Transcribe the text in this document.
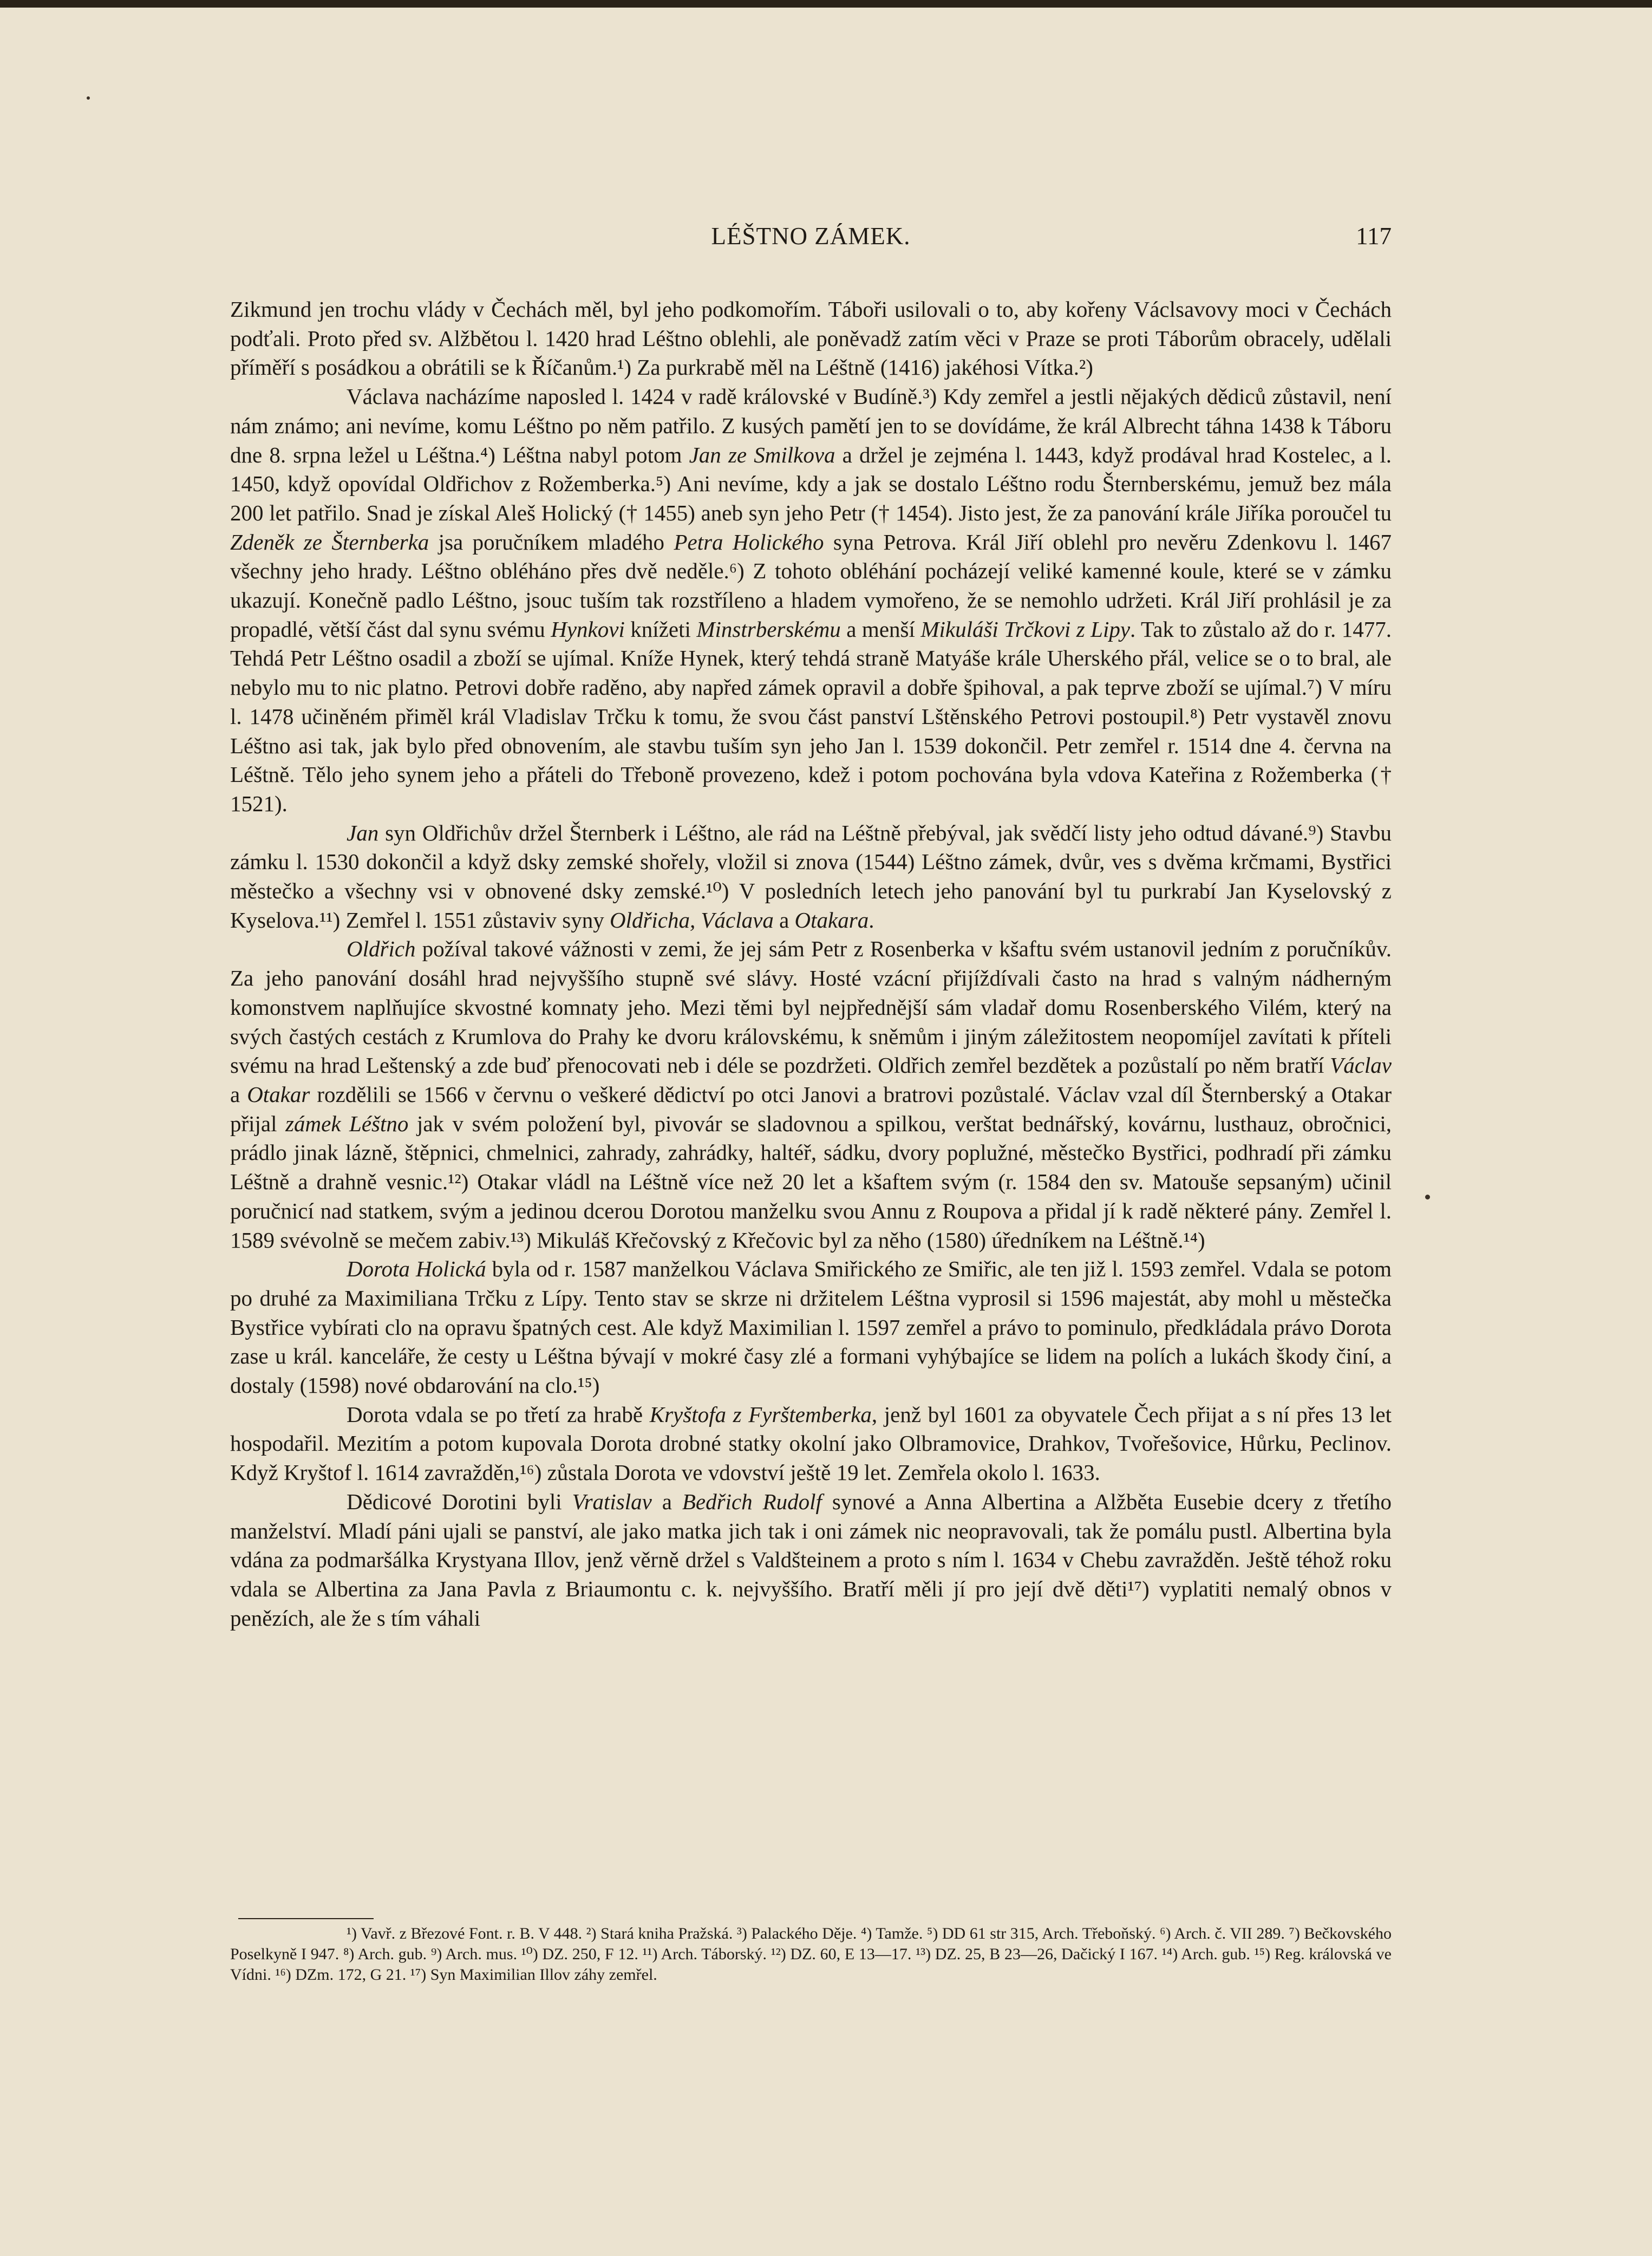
LÉŠTNO ZÁMEK.	117

Zikmund jen trochu vlády v Čechách měl, byl jeho podkomořím. Táboři usilovali o to, aby kořeny Václsavovy moci v Čechách podťali. Proto před sv. Alžbětou l. 1420 hrad Léštno oblehli, ale poněvadž zatím věci v Praze se proti Táborům obracely, udělali příměří s posádkou a obrátili se k Říčanům.¹) Za purkrabě měl na Léštně (1416) jakéhosi Vítka.²)

Václava nacházíme naposled l. 1424 v radě královské v Budíně.³) Kdy zemřel a jestli nějakých dědiců zůstavil, není nám známo; ani nevíme, komu Léštno po něm patřilo. Z kusých pamětí jen to se dovídáme, že král Albrecht táhna 1438 k Táboru dne 8. srpna ležel u Léštna.⁴) Léštna nabyl potom Jan ze Smilkova a držel je zejména l. 1443, když prodával hrad Kostelec, a l. 1450, když opovídal Oldřichov z Rožemberka.⁵) Ani nevíme, kdy a jak se dostalo Léštno rodu Šternberskému, jemuž bez mála 200 let patřilo. Snad je získal Aleš Holický († 1455) aneb syn jeho Petr († 1454). Jisto jest, že za panování krále Jiříka poroučel tu Zdeněk ze Šternberka jsa poručníkem mladého Petra Holického syna Petrova. Král Jiří oblehl pro nevěru Zdenkovu l. 1467 všechny jeho hrady. Léštno obléháno přes dvě neděle.⁶) Z tohoto obléhání pocházejí veliké kamenné koule, které se v zámku ukazují. Konečně padlo Léštno, jsouc tuším tak rozstříleno a hladem vymořeno, že se nemohlo udržeti. Král Jiří prohlásil je za propadlé, větší část dal synu svému Hynkovi knížeti Minstrberskému a menší Mikuláši Trčkovi z Lipy. Tak to zůstalo až do r. 1477. Tehdá Petr Léštno osadil a zboží se ujímal. Kníže Hynek, který tehdá straně Matyáše krále Uherského přál, velice se o to bral, ale nebylo mu to nic platno. Petrovi dobře raděno, aby napřed zámek opravil a dobře špihoval, a pak teprve zboží se ujímal.⁷) V míru l. 1478 učiněném přiměl král Vladislav Trčku k tomu, že svou část panství Lštěnského Petrovi postoupil.⁸) Petr vystavěl znovu Léštno asi tak, jak bylo před obnovením, ale stavbu tuším syn jeho Jan l. 1539 dokončil. Petr zemřel r. 1514 dne 4. června na Léštně. Tělo jeho synem jeho a přáteli do Třeboně provezeno, kdež i potom pochována byla vdova Kateřina z Rožemberka († 1521).

Jan syn Oldřichův držel Šternberk i Léštno, ale rád na Léštně přebýval, jak svědčí listy jeho odtud dávané.⁹) Stavbu zámku l. 1530 dokončil a když dsky zemské shořely, vložil si znova (1544) Léštno zámek, dvůr, ves s dvěma krčmami, Bystřici městečko a všechny vsi v obnovené dsky zemské.¹⁰) V posledních letech jeho panování byl tu purkrabí Jan Kyselovský z Kyselova.¹¹) Zemřel l. 1551 zůstaviv syny Oldřicha, Václava a Otakara.

Oldřich požíval takové vážnosti v zemi, že jej sám Petr z Rosenberka v kšaftu svém ustanovil jedním z poručníkův. Za jeho panování dosáhl hrad nejvyššího stupně své slávy. Hosté vzácní přijíždívali často na hrad s valným nádherným komonstvem naplňujíce skvostné komnaty jeho. Mezi těmi byl nejpřednější sám vladař domu Rosenberského Vilém, který na svých častých cestách z Krumlova do Prahy ke dvoru královskému, k sněmům i jiným záležitostem neopomíjel zavítati k příteli svému na hrad Leštenský a zde buď přenocovati neb i déle se pozdržeti. Oldřich zemřel bezdětek a pozůstalí po něm bratří Václav a Otakar rozdělili se 1566 v červnu o veškeré dědictví po otci Janovi a bratrovi pozůstalé. Václav vzal díl Šternberský a Otakar přijal zámek Léštno jak v svém položení byl, pivovár se sladovnou a spilkou, verštat bednářský, kovárnu, lusthauz, obročnici, prádlo jinak lázně, štěpnici, chmelnici, zahrady, zahrádky, haltéř, sádku, dvory poplužné, městečko Bystřici, podhradí při zámku Léštně a drahně vesnic.¹²) Otakar vládl na Léštně více než 20 let a kšaftem svým (r. 1584 den sv. Matouše sepsaným) učinil poručnicí nad statkem, svým a jedinou dcerou Dorotou manželku svou Annu z Roupova a přidal jí k radě některé pány. Zemřel l. 1589 svévolně se mečem zabiv.¹³) Mikuláš Křečovský z Křečovic byl za něho (1580) úředníkem na Léštně.¹⁴)

Dorota Holická byla od r. 1587 manželkou Václava Smiřického ze Smiřic, ale ten již l. 1593 zemřel. Vdala se potom po druhé za Maximiliana Trčku z Lípy. Tento stav se skrze ni držitelem Léštna vyprosil si 1596 majestát, aby mohl u městečka Bystřice vybírati clo na opravu špatných cest. Ale když Maximilian l. 1597 zemřel a právo to pominulo, předkládala právo Dorota zase u král. kanceláře, že cesty u Léštna bývají v mokré časy zlé a formani vyhýbajíce se lidem na polích a lukách škody činí, a dostaly (1598) nové obdarování na clo.¹⁵)

Dorota vdala se po třetí za hrabě Kryštofa z Fyrštemberka, jenž byl 1601 za obyvatele Čech přijat a s ní přes 13 let hospodařil. Mezitím a potom kupovala Dorota drobné statky okolní jako Olbramovice, Drahkov, Tvořešovice, Hůrku, Peclinov. Když Kryštof l. 1614 zavražděn,¹⁶) zůstala Dorota ve vdovství ještě 19 let. Zemřela okolo l. 1633.

Dědicové Dorotini byli Vratislav a Bedřich Rudolf synové a Anna Albertina a Alžběta Eusebie dcery z třetího manželství. Mladí páni ujali se panství, ale jako matka jich tak i oni zámek nic neopravovali, tak že pomálu pustl. Albertina byla vdána za podmaršálka Krystyana Illov, jenž věrně držel s Valdšteinem a proto s ním l. 1634 v Chebu zavražděn. Ještě téhož roku vdala se Albertina za Jana Pavla z Briaumontu c. k. nejvyššího. Bratří měli jí pro její dvě děti¹⁷) vyplatiti nemalý obnos v penězích, ale že s tím váhali

¹) Vavř. z Březové Font. r. B. V 448. ²) Stará kniha Pražská. ³) Palackého Děje. ⁴) Tamže. ⁵) DD 61 str 315, Arch. Třeboňský. ⁶) Arch. č. VII 289. ⁷) Bečkovského Poselkyně I 947. ⁸) Arch. gub. ⁹) Arch. mus. ¹⁰) DZ. 250, F 12. ¹¹) Arch. Táborský. ¹²) DZ. 60, E 13—17. ¹³) DZ. 25, B 23—26, Dačický I 167. ¹⁴) Arch. gub. ¹⁵) Reg. královská ve Vídni. ¹⁶) DZm. 172, G 21. ¹⁷) Syn Maximilian Illov záhy zemřel.
